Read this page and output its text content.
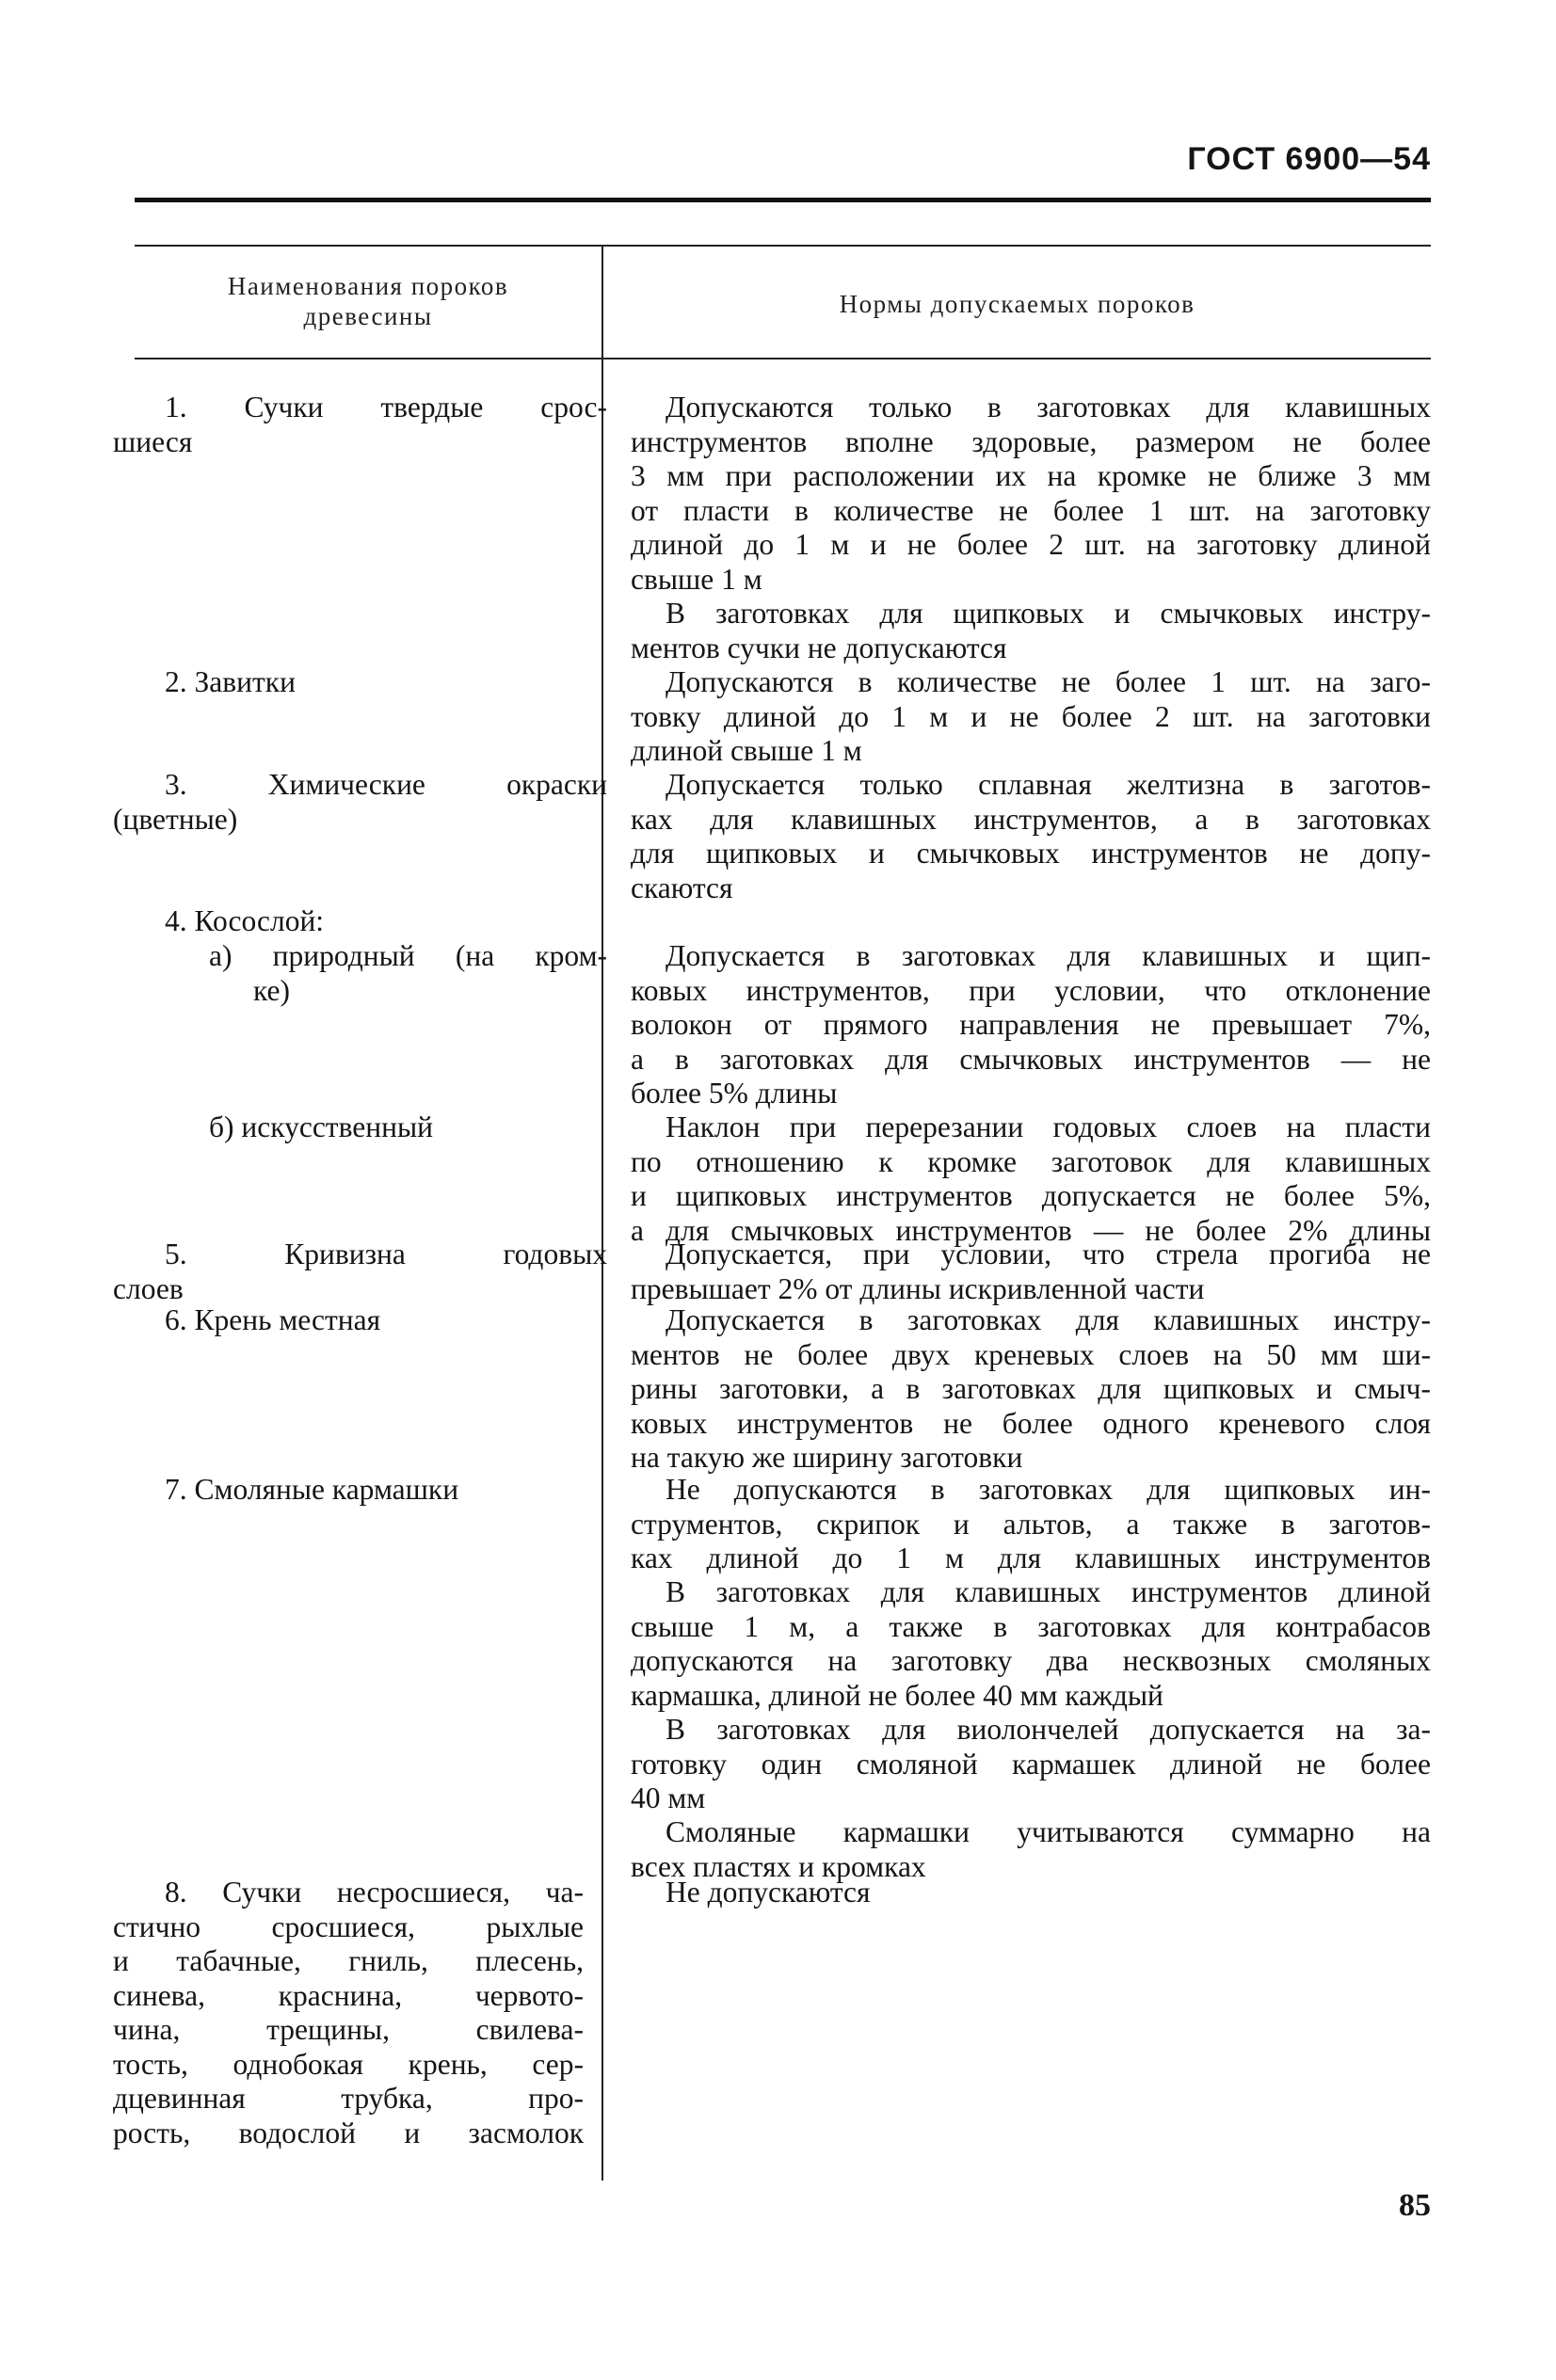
ГОСТ 6900—54
Наименования пороков
древесины	Нормы допускаемых пороков
1. Сучки твердые срос-
шиеся
2. Завитки
3. Химические окраски
(цветные)
4. Косослой:
а) природный (на кром-
ке)
б) искусственный
5. Кривизна годовых
слоев
6. Крень местная
7. Смоляные кармашки
8. Сучки несросшиеся, ча-
стично сросшиеся, рыхлые
и табачные, гниль, плесень,
синева, краснина, червото-
чина, трещины, свилева-
тость, однобокая крень, сер-
дцевинная трубка, про-
рость, водослой и засмолок
Допускаются только в заготовках для клавишных
инструментов вполне здоровые, размером не более
3 мм при расположении их на кромке не ближе 3 мм
от пласти в количестве не более 1 шт. на заготовку
длиной до 1 м и не более 2 шт. на заготовку длиной
свыше 1 м
В заготовках для щипковых и смычковых инстру-
ментов сучки не допускаются
Допускаются в количестве не более 1 шт. на заго-
товку длиной до 1 м и не более 2 шт. на заготовки
длиной свыше 1 м
Допускается только сплавная желтизна в заготов-
ках для клавишных инструментов, а в заготовках
для щипковых и смычковых инструментов не допу-
скаются
Допускается в заготовках для клавишных и щип-
ковых инструментов, при условии, что отклонение
волокон от прямого направления не превышает 7%,
а в заготовках для смычковых инструментов — не
более 5% длины
Наклон при перерезании годовых слоев на пласти
по отношению к кромке заготовок для клавишных
и щипковых инструментов допускается не более 5%,
а для смычковых инструментов — не более 2% длины
Допускается, при условии, что стрела прогиба не
превышает 2% от длины искривленной части
Допускается в заготовках для клавишных инстру-
ментов не более двух креневых слоев на 50 мм ши-
рины заготовки, а в заготовках для щипковых и смыч-
ковых инструментов не более одного креневого слоя
на такую же ширину заготовки
Не допускаются в заготовках для щипковых ин-
струментов, скрипок и альтов, а также в заготов-
ках длиной до 1 м для клавишных инструментов
В заготовках для клавишных инструментов длиной
свыше 1 м, а также в заготовках для контрабасов
допускаются на заготовку два несквозных смоляных
кармашка, длиной не более 40 мм каждый
В заготовках для виолончелей допускается на за-
готовку один смоляной кармашек длиной не более
40 мм
Смоляные кармашки учитываются суммарно на
всех пластях и кромках
Не допускаются
85
